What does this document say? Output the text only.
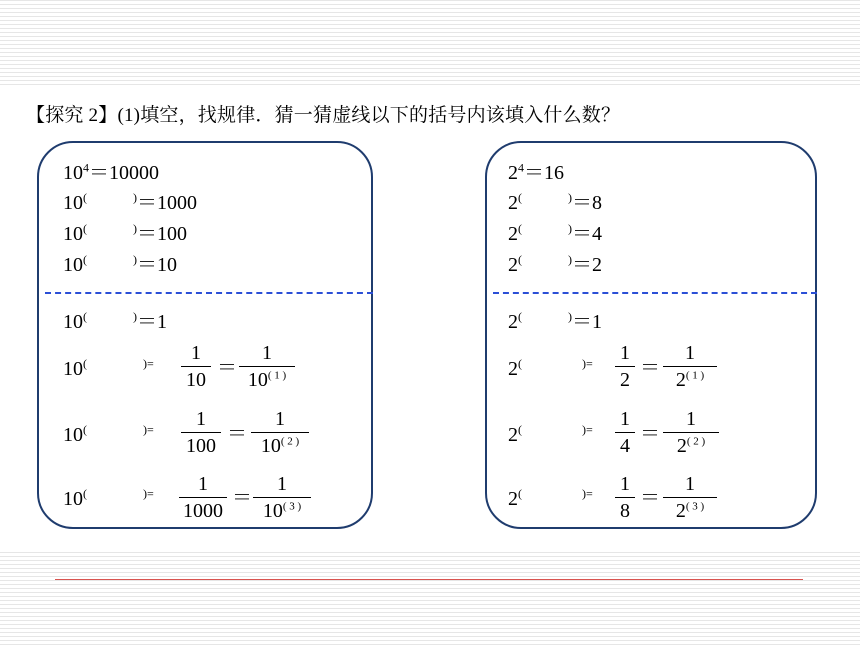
【探究 2】(1)填空，找规律．猜一猜虚线以下的括号内该填入什么数？
$10^4=10000$
10(	)＝1000
10(	)＝100
10(	)＝10
10(	)＝1
10(	)=	1
10
＝
1
$10^{( 1 )}$
10(	)=	1
100
＝
1
$10^{( 2 )}$
10(	)=	1
1000
＝
1
$10^{( 3 )}$
$2^4=16$
2(	)＝8
2(	)＝4
2(	)＝2
2(	)＝1
2(	)= 1
2
＝
1
$2^{( 1 )}$
2(	)= 1
4
＝
1
$2^{( 2 )}$
2(	)= 1
8
＝
1
$2^{( 3 )}$
